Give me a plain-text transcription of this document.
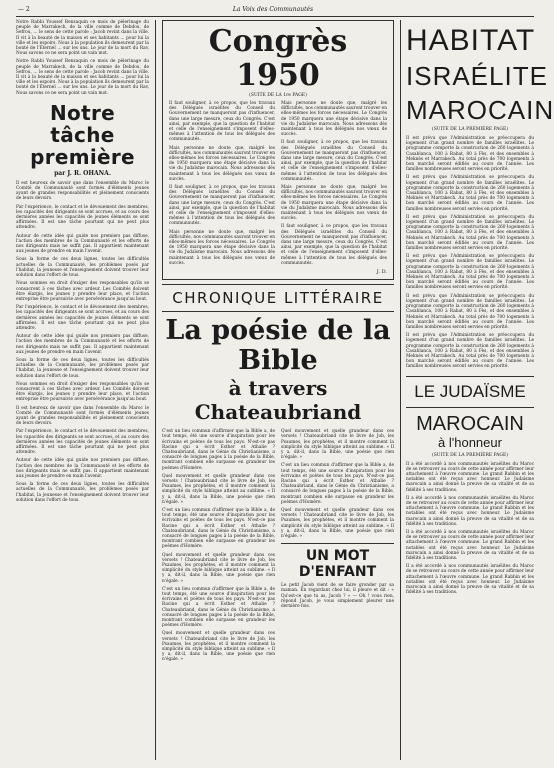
— 2	La Voix des Communautés

Notre Rabbi Youssef Benzaquin ce mois de pèlerinage du peuple de Marrakech, de la ville comme de Debdou, de Sefrou, ... le sens de cette parole : Jacob revint dans la ville. Il vit à la beauté de la maison et ses habitants ... pour lui la ville et les espoirs. Nous à la population ils demeurent par la bonté de l'Éternel ... sur les uns. Le jour de la mort du Rav, Nous savons ce ne sera point un vain mot.

Notre Rabbi Youssef Benzaquin ce mois de pèlerinage du peuple de Marrakech, de la ville comme de Debdou, de Sefrou, ... le sens de cette parole : Jacob revint dans la ville. Il vit à la beauté de la maison et ses habitants ... pour lui la ville et les espoirs. Nous à la population ils demeurent par la bonté de l'Éternel ... sur les uns. Le jour de la mort du Rav, Nous savons ce ne sera point un vain mot.

Notre tâche première
par J. R. OHANA.

Il est heureux de savoir que dans l'ensemble du Maroc le Comité de Communauté sont formés d'éléments jeunes ayant de grandes responsabilités et pleinement conscients de leurs devoirs.

Par l'expérience, le contact et le dévouement des membres, les capacités des dirigeants se sont accrues, et au cours des dernières années les capacités de jeunes éléments se sont affirmées. Il est une tâche pourtant qui ne peut plus attendre.

Autour de cette idée qui guide nos premiers pas diffuse, l'action des membres de la Communauté et les efforts de nos dirigeants mais ne suffit pas. Il appartient maintenant aux jeunes de prendre en main l'avenir.

Sous la forme de ces deux lignes, toutes les difficultés actuelles de la Communauté, les problèmes posés par l'habitat, la jeunesse et l'enseignement doivent trouver leur solution dans l'effort de tous.

Nous sommes en droit d'exiger des responsables qu'ils se consacrent à ces tâches avec ardeur. Les Comités doivent être élargis, les jeunes y prendre leur place, et l'action entreprise être poursuivie avec persévérance jusqu'au bout.

Par l'expérience, le contact et le dévouement des membres, les capacités des dirigeants se sont accrues, et au cours des dernières années les capacités de jeunes éléments se sont affirmées. Il est une tâche pourtant qui ne peut plus attendre.

Autour de cette idée qui guide nos premiers pas diffuse, l'action des membres de la Communauté et les efforts de nos dirigeants mais ne suffit pas. Il appartient maintenant aux jeunes de prendre en main l'avenir.

Sous la forme de ces deux lignes, toutes les difficultés actuelles de la Communauté, les problèmes posés par l'habitat, la jeunesse et l'enseignement doivent trouver leur solution dans l'effort de tous.

Nous sommes en droit d'exiger des responsables qu'ils se consacrent à ces tâches avec ardeur. Les Comités doivent être élargis, les jeunes y prendre leur place, et l'action entreprise être poursuivie avec persévérance jusqu'au bout.

Il est heureux de savoir que dans l'ensemble du Maroc le Comité de Communauté sont formés d'éléments jeunes ayant de grandes responsabilités et pleinement conscients de leurs devoirs.

Par l'expérience, le contact et le dévouement des membres, les capacités des dirigeants se sont accrues, et au cours des dernières années les capacités de jeunes éléments se sont affirmées. Il est une tâche pourtant qui ne peut plus attendre.

Autour de cette idée qui guide nos premiers pas diffuse, l'action des membres de la Communauté et les efforts de nos dirigeants mais ne suffit pas. Il appartient maintenant aux jeunes de prendre en main l'avenir.

Sous la forme de ces deux lignes, toutes les difficultés actuelles de la Communauté, les problèmes posés par l'habitat, la jeunesse et l'enseignement doivent trouver leur solution dans l'effort de tous.

Congrès 1950
(SUITE DE LA 1re PAGE)

Il faut souligner, à ce propos, que les travaux des Délégués israélites du Conseil du Gouvernement ne manqueront pas d'influencer, dans une large mesure, ceux du Congrès. C'est ainsi, par exemple, que la question de l'habitat et celle de l'enseignement s'imposent d'elles-mêmes à l'attention de tous les délégués des communautés.

Mais personne ne doute que, malgré les difficultés, nos communautés sauront trouver en elles-mêmes les forces nécessaires. Le Congrès de 1950 marquera une étape décisive dans la vie du Judaïsme marocain. Nous adressons dès maintenant à tous les délégués nos vœux de succès.

Il faut souligner, à ce propos, que les travaux des Délégués israélites du Conseil du Gouvernement ne manqueront pas d'influencer, dans une large mesure, ceux du Congrès. C'est ainsi, par exemple, que la question de l'habitat et celle de l'enseignement s'imposent d'elles-mêmes à l'attention de tous les délégués des communautés.

Mais personne ne doute que, malgré les difficultés, nos communautés sauront trouver en elles-mêmes les forces nécessaires. Le Congrès de 1950 marquera une étape décisive dans la vie du Judaïsme marocain. Nous adressons dès maintenant à tous les délégués nos vœux de succès.

Mais personne ne doute que, malgré les difficultés, nos communautés sauront trouver en elles-mêmes les forces nécessaires. Le Congrès de 1950 marquera une étape décisive dans la vie du Judaïsme marocain. Nous adressons dès maintenant à tous les délégués nos vœux de succès.

Il faut souligner, à ce propos, que les travaux des Délégués israélites du Conseil du Gouvernement ne manqueront pas d'influencer, dans une large mesure, ceux du Congrès. C'est ainsi, par exemple, que la question de l'habitat et celle de l'enseignement s'imposent d'elles-mêmes à l'attention de tous les délégués des communautés.

Mais personne ne doute que, malgré les difficultés, nos communautés sauront trouver en elles-mêmes les forces nécessaires. Le Congrès de 1950 marquera une étape décisive dans la vie du Judaïsme marocain. Nous adressons dès maintenant à tous les délégués nos vœux de succès.

Il faut souligner, à ce propos, que les travaux des Délégués israélites du Conseil du Gouvernement ne manqueront pas d'influencer, dans une large mesure, ceux du Congrès. C'est ainsi, par exemple, que la question de l'habitat et celle de l'enseignement s'imposent d'elles-mêmes à l'attention de tous les délégués des communautés.

J. D.
CHRONIQUE LITTÉRAIRE
La poésie de la Bible
à travers Chateaubriand

C'est un lieu commun d'affirmer que la Bible a, de tout temps, été une source d'inspiration pour les écrivains et poètes de tous les pays. N'est-ce pas Racine qui a écrit Esther et Athalie ? Chateaubriand, dans le Génie du Christianisme, a consacré de longues pages à la poésie de la Bible, montrant combien elle surpasse en grandeur les poèmes d'Homère.

Quel mouvement et quelle grandeur dans ces versets ! Chateaubriand cite le livre de Job, les Psaumes, les prophètes, et il montre comment la simplicité du style biblique atteint au sublime. « Il y a, dit-il, dans la Bible, une poésie que rien n'égale. »

C'est un lieu commun d'affirmer que la Bible a, de tout temps, été une source d'inspiration pour les écrivains et poètes de tous les pays. N'est-ce pas Racine qui a écrit Esther et Athalie ? Chateaubriand, dans le Génie du Christianisme, a consacré de longues pages à la poésie de la Bible, montrant combien elle surpasse en grandeur les poèmes d'Homère.

Quel mouvement et quelle grandeur dans ces versets ! Chateaubriand cite le livre de Job, les Psaumes, les prophètes, et il montre comment la simplicité du style biblique atteint au sublime. « Il y a, dit-il, dans la Bible, une poésie que rien n'égale. »

C'est un lieu commun d'affirmer que la Bible a, de tout temps, été une source d'inspiration pour les écrivains et poètes de tous les pays. N'est-ce pas Racine qui a écrit Esther et Athalie ? Chateaubriand, dans le Génie du Christianisme, a consacré de longues pages à la poésie de la Bible, montrant combien elle surpasse en grandeur les poèmes d'Homère.

Quel mouvement et quelle grandeur dans ces versets ! Chateaubriand cite le livre de Job, les Psaumes, les prophètes, et il montre comment la simplicité du style biblique atteint au sublime. « Il y a, dit-il, dans la Bible, une poésie que rien n'égale. »

Quel mouvement et quelle grandeur dans ces versets ! Chateaubriand cite le livre de Job, les Psaumes, les prophètes, et il montre comment la simplicité du style biblique atteint au sublime. « Il y a, dit-il, dans la Bible, une poésie que rien n'égale. »

C'est un lieu commun d'affirmer que la Bible a, de tout temps, été une source d'inspiration pour les écrivains et poètes de tous les pays. N'est-ce pas Racine qui a écrit Esther et Athalie ? Chateaubriand, dans le Génie du Christianisme, a consacré de longues pages à la poésie de la Bible, montrant combien elle surpasse en grandeur les poèmes d'Homère.

Quel mouvement et quelle grandeur dans ces versets ! Chateaubriand cite le livre de Job, les Psaumes, les prophètes, et il montre comment la simplicité du style biblique atteint au sublime. « Il y a, dit-il, dans la Bible, une poésie que rien n'égale. »

UN MOT D'ENFANT

Le petit Jacob vient de se faire gronder par sa maman. En regardant chez lui, il pleure et dit : « Qu'est-ce que tu as, Jacob ? » — Oh ! vous rien, répond Jacob, je vous simplement pleurer une dernière fois.

HABITAT
ISRAÉLITE
MAROCAIN
(SUITE DE LA PREMIÈRE PAGE)

Il est prévu que l'Administration se préoccupera du logement d'un grand nombre de familles israélites. Le programme comporte la construction de 260 logements à Casablanca, 100 à Rabat, 80 à Fès, et des ensembles à Meknès et Marrakech. Au total près de 700 logements à bon marché seront édifiés au cours de l'année. Les familles nombreuses seront servies en priorité.

Il est prévu que l'Administration se préoccupera du logement d'un grand nombre de familles israélites. Le programme comporte la construction de 260 logements à Casablanca, 100 à Rabat, 80 à Fès, et des ensembles à Meknès et Marrakech. Au total près de 700 logements à bon marché seront édifiés au cours de l'année. Les familles nombreuses seront servies en priorité.

Il est prévu que l'Administration se préoccupera du logement d'un grand nombre de familles israélites. Le programme comporte la construction de 260 logements à Casablanca, 100 à Rabat, 80 à Fès, et des ensembles à Meknès et Marrakech. Au total près de 700 logements à bon marché seront édifiés au cours de l'année. Les familles nombreuses seront servies en priorité.

Il est prévu que l'Administration se préoccupera du logement d'un grand nombre de familles israélites. Le programme comporte la construction de 260 logements à Casablanca, 100 à Rabat, 80 à Fès, et des ensembles à Meknès et Marrakech. Au total près de 700 logements à bon marché seront édifiés au cours de l'année. Les familles nombreuses seront servies en priorité.

Il est prévu que l'Administration se préoccupera du logement d'un grand nombre de familles israélites. Le programme comporte la construction de 260 logements à Casablanca, 100 à Rabat, 80 à Fès, et des ensembles à Meknès et Marrakech. Au total près de 700 logements à bon marché seront édifiés au cours de l'année. Les familles nombreuses seront servies en priorité.

Il est prévu que l'Administration se préoccupera du logement d'un grand nombre de familles israélites. Le programme comporte la construction de 260 logements à Casablanca, 100 à Rabat, 80 à Fès, et des ensembles à Meknès et Marrakech. Au total près de 700 logements à bon marché seront édifiés au cours de l'année. Les familles nombreuses seront servies en priorité.

LE JUDAÏSME
MAROCAIN
à l'honneur
(SUITE DE LA PREMIÈRE PAGE)

Il a été accordé à nos communautés israélites du Maroc de se retrouver au cours de cette année pour affirmer leur attachement à l'œuvre commune. Le grand Rabbin et les notables ont été reçus avec honneur. Le Judaïsme marocain a ainsi donné la preuve de sa vitalité et de sa fidélité à ses traditions.

Il a été accordé à nos communautés israélites du Maroc de se retrouver au cours de cette année pour affirmer leur attachement à l'œuvre commune. Le grand Rabbin et les notables ont été reçus avec honneur. Le Judaïsme marocain a ainsi donné la preuve de sa vitalité et de sa fidélité à ses traditions.

Il a été accordé à nos communautés israélites du Maroc de se retrouver au cours de cette année pour affirmer leur attachement à l'œuvre commune. Le grand Rabbin et les notables ont été reçus avec honneur. Le Judaïsme marocain a ainsi donné la preuve de sa vitalité et de sa fidélité à ses traditions.

Il a été accordé à nos communautés israélites du Maroc de se retrouver au cours de cette année pour affirmer leur attachement à l'œuvre commune. Le grand Rabbin et les notables ont été reçus avec honneur. Le Judaïsme marocain a ainsi donné la preuve de sa vitalité et de sa fidélité à ses traditions.
